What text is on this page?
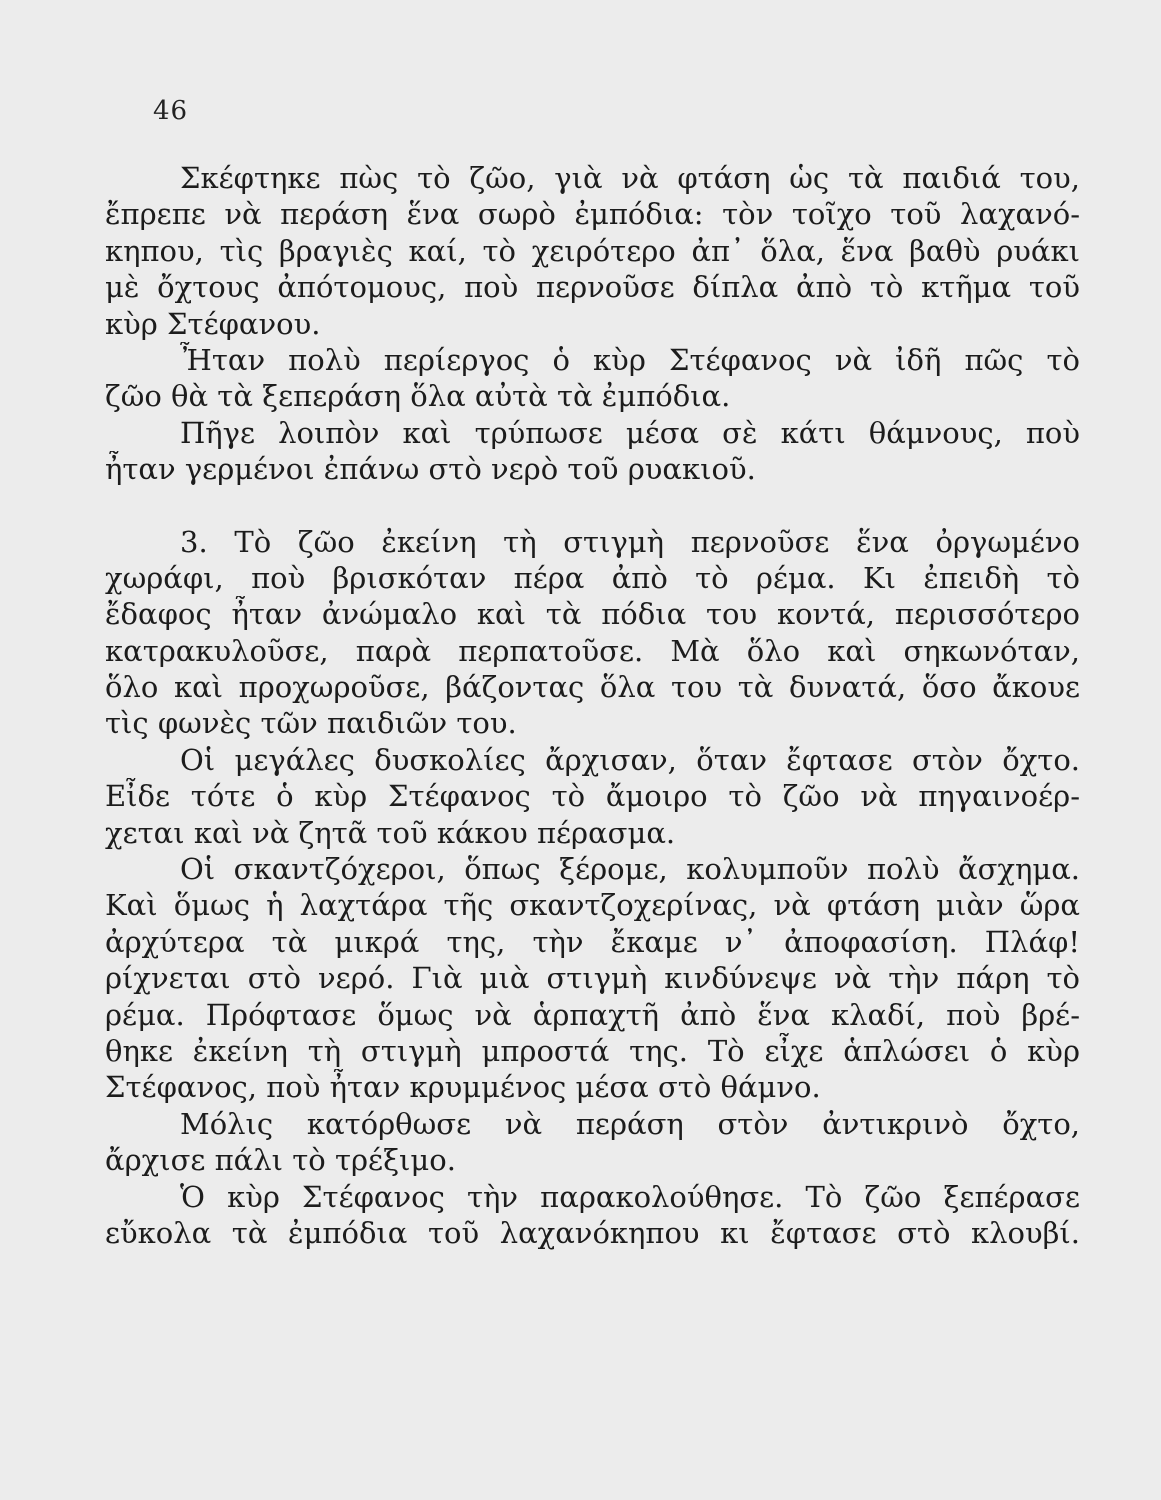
46
Σκέφτηκε πὼς τὸ ζῶο, γιὰ νὰ φτάση ὡς τὰ παιδιά του,
ἔπρεπε νὰ περάση ἕνα σωρὸ ἐμπόδια: τὸν τοῖχο τοῦ λαχανό-
κηπου, τὶς βραγιὲς καί, τὸ χειρότερο ἀπ᾽ ὅλα, ἕνα βαθὺ ρυάκι
μὲ ὄχτους ἀπότομους, ποὺ περνοῦσε δίπλα ἀπὸ τὸ κτῆμα τοῦ
κὺρ Στέφανου.
Ἦταν πολὺ περίεργος ὁ κὺρ Στέφανος νὰ ἰδῆ πῶς τὸ
ζῶο θὰ τὰ ξεπεράση ὅλα αὐτὰ τὰ ἐμπόδια.
Πῆγε λοιπὸν καὶ τρύπωσε μέσα σὲ κάτι θάμνους, ποὺ
ἦταν γερμένοι ἐπάνω στὸ νερὸ τοῦ ρυακιοῦ.
3. Τὸ ζῶο ἐκείνη τὴ στιγμὴ περνοῦσε ἕνα ὀργωμένο
χωράφι, ποὺ βρισκόταν πέρα ἀπὸ τὸ ρέμα. Κι ἐπειδὴ τὸ
ἔδαφος ἦταν ἀνώμαλο καὶ τὰ πόδια του κοντά, περισσότερο
κατρακυλοῦσε, παρὰ περπατοῦσε. Μὰ ὅλο καὶ σηκωνόταν,
ὅλο καὶ προχωροῦσε, βάζοντας ὅλα του τὰ δυνατά, ὅσο ἄκουε
τὶς φωνὲς τῶν παιδιῶν του.
Οἱ μεγάλες δυσκολίες ἄρχισαν, ὅταν ἔφτασε στὸν ὄχτο.
Εἶδε τότε ὁ κὺρ Στέφανος τὸ ἄμοιρο τὸ ζῶο νὰ πηγαινοέρ-
χεται καὶ νὰ ζητᾶ τοῦ κάκου πέρασμα.
Οἱ σκαντζόχεροι, ὅπως ξέρομε, κολυμποῦν πολὺ ἄσχημα.
Καὶ ὅμως ἡ λαχτάρα τῆς σκαντζοχερίνας, νὰ φτάση μιὰν ὥρα
ἀρχύτερα τὰ μικρά της, τὴν ἔκαμε ν᾽ ἀποφασίση. Πλάφ!
ρίχνεται στὸ νερό. Γιὰ μιὰ στιγμὴ κινδύνεψε νὰ τὴν πάρη τὸ
ρέμα. Πρόφτασε ὅμως νὰ ἁρπαχτῆ ἀπὸ ἕνα κλαδί, ποὺ βρέ-
θηκε ἐκείνη τὴ στιγμὴ μπροστά της. Τὸ εἶχε ἁπλώσει ὁ κὺρ
Στέφανος, ποὺ ἦταν κρυμμένος μέσα στὸ θάμνο.
Μόλις κατόρθωσε νὰ περάση στὸν ἀντικρινὸ ὄχτο,
ἄρχισε πάλι τὸ τρέξιμο.
Ὁ κὺρ Στέφανος τὴν παρακολούθησε. Τὸ ζῶο ξεπέρασε
εὔκολα τὰ ἐμπόδια τοῦ λαχανόκηπου κι ἔφτασε στὸ κλουβί.
